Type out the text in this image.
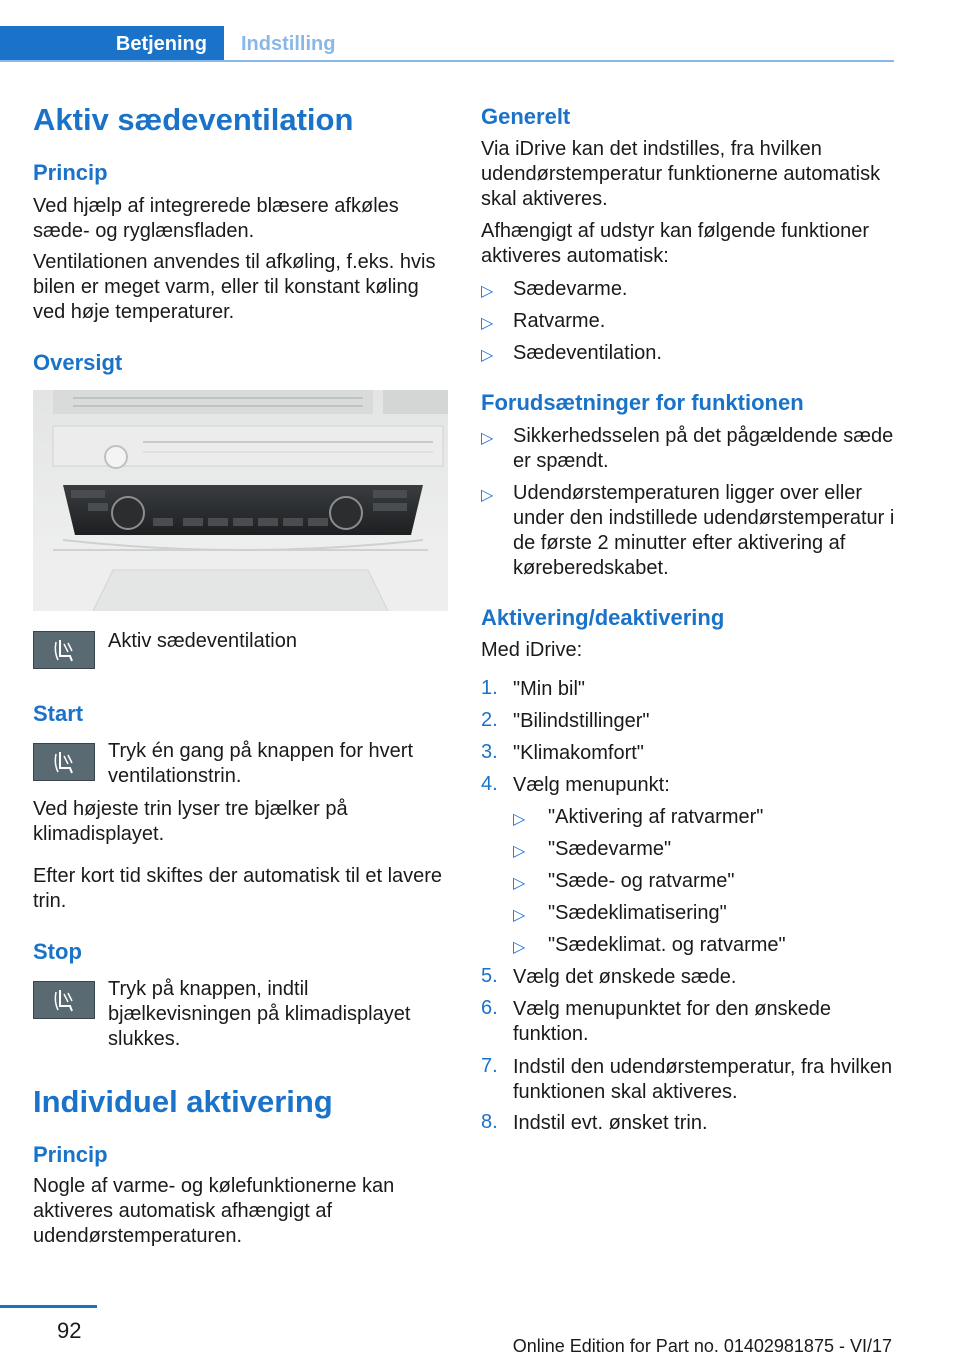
Betjening	Indstilling
Aktiv sædeventilation
Princip
Ved hjælp af integrerede blæsere afkøles sæde- og ryglænsfladen.
Ventilationen anvendes til afkøling, f.eks. hvis bilen er meget varm, eller til konstant køling ved høje temperaturer.
Oversigt
Aktiv sædeventilation
Start
Tryk én gang på knappen for hvert ventilationstrin.
Ved højeste trin lyser tre bjælker på klimadisplayet.
Efter kort tid skiftes der automatisk til et lavere trin.
Stop
Tryk på knappen, indtil bjælkevisningen på klimadisplayet slukkes.
Individuel aktivering
Princip
Nogle af varme- og kølefunktionerne kan aktiveres automatisk afhængigt af udendørstemperaturen.
Generelt
Via iDrive kan det indstilles, fra hvilken udendørstemperatur funktionerne automatisk skal aktiveres.
Afhængigt af udstyr kan følgende funktioner aktiveres automatisk:
▷ Sædevarme.
▷ Ratvarme.
▷ Sædeventilation.
Forudsætninger for funktionen
▷ Sikkerhedsselen på det pågældende sæde er spændt.
▷ Udendørstemperaturen ligger over eller under den indstillede udendørstemperatur i de første 2 minutter efter aktivering af køreberedskabet.
Aktivering/deaktivering
Med iDrive:
1. "Min bil"
2. "Bilindstillinger"
3. "Klimakomfort"
4. Vælg menupunkt:
▷ "Aktivering af ratvarmer"
▷ "Sædevarme"
▷ "Sæde- og ratvarme"
▷ "Sædeklimatisering"
▷ "Sædeklimat. og ratvarme"
5. Vælg det ønskede sæde.
6. Vælg menupunktet for den ønskede funktion.
7. Indstil den udendørstemperatur, fra hvilken funktionen skal aktiveres.
8. Indstil evt. ønsket trin.
92
Online Edition for Part no. 01402981875 - VI/17
